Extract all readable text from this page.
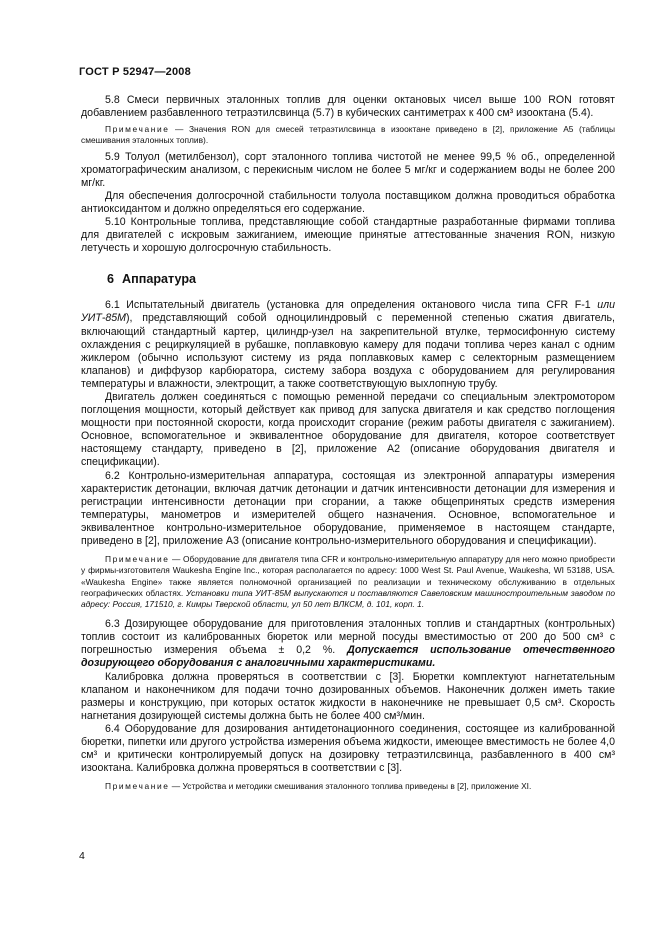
ГОСТ Р 52947—2008

5.8 Смеси первичных эталонных топлив для оценки октановых чисел выше 100 RON готовят добавлением разбавленного тетраэтилсвинца (5.7) в кубических сантиметрах к 400 см³ изооктана (5.4).

Примечание — Значения RON для смесей тетраэтилсвинца в изооктане приведено в [2], приложение А5 (таблицы смешивания эталонных топлив).

5.9 Толуол (метилбензол), сорт эталонного топлива чистотой не менее 99,5 % об., определенной хроматографическим анализом, с перекисным числом не более 5 мг/кг и содержанием воды не более 200 мг/кг.

Для обеспечения долгосрочной стабильности толуола поставщиком должна проводиться обработка антиоксидантом и должно определяться его содержание.

5.10 Контрольные топлива, представляющие собой стандартные разработанные фирмами топлива для двигателей с искровым зажиганием, имеющие принятые аттестованные значения RON, низкую летучесть и хорошую долгосрочную стабильность.

6 Аппаратура

6.1 Испытательный двигатель (установка для определения октанового числа типа CFR F-1 или УИТ-85М), представляющий собой одноцилиндровый с переменной степенью сжатия двигатель, включающий стандартный картер, цилиндр-узел на закрепительной втулке, термосифонную систему охлаждения с рециркуляцией в рубашке, поплавковую камеру для подачи топлива через канал с одним жиклером (обычно используют систему из ряда поплавковых камер с селекторным размещением клапанов) и диффузор карбюратора, систему забора воздуха с оборудованием для регулирования температуры и влажности, электрощит, а также соответствующую выхлопную трубу.

Двигатель должен соединяться с помощью ременной передачи со специальным электромотором поглощения мощности, который действует как привод для запуска двигателя и как средство поглощения мощности при постоянной скорости, когда происходит сгорание (режим работы двигателя с зажиганием). Основное, вспомогательное и эквивалентное оборудование для двигателя, которое соответствует настоящему стандарту, приведено в [2], приложение А2 (описание оборудования двигателя и спецификации).

6.2 Контрольно-измерительная аппаратура, состоящая из электронной аппаратуры измерения характеристик детонации, включая датчик детонации и датчик интенсивности детонации для измерения и регистрации интенсивности детонации при сгорании, а также общепринятых средств измерения температуры, манометров и измерителей общего назначения. Основное, вспомогательное и эквивалентное контрольно-измерительное оборудование, применяемое в настоящем стандарте, приведено в [2], приложение А3 (описание контрольно-измерительного оборудования и спецификации).

Примечание — Оборудование для двигателя типа CFR и контрольно-измерительную аппаратуру для него можно приобрести у фирмы-изготовителя Waukesha Engine Inc., которая располагается по адресу: 1000 West St. Paul Avenue, Waukesha, WI 53188, USA. «Waukesha Engine» также является полномочной организацией по реализации и техническому обслуживанию в отдельных географических областях. Установки типа УИТ-85М выпускаются и поставляются Савеловским машиностроительным заводом по адресу: Россия, 171510, г. Кимры Тверской области, ул 50 лет ВЛКСМ, д. 101, корп. 1.

6.3 Дозирующее оборудование для приготовления эталонных топлив и стандартных (контрольных) топлив состоит из калиброванных бюреток или мерной посуды вместимостью от 200 до 500 см³ с погрешностью измерения объема ± 0,2 %. Допускается использование отечественного дозирующего оборудования с аналогичными характеристиками.

Калибровка должна проверяться в соответствии с [3]. Бюретки комплектуют нагнетательным клапаном и наконечником для подачи точно дозированных объемов. Наконечник должен иметь такие размеры и конструкцию, при которых остаток жидкости в наконечнике не превышает 0,5 см³. Скорость нагнетания дозирующей системы должна быть не более 400 см³/мин.

6.4 Оборудование для дозирования антидетонационного соединения, состоящее из калиброванной бюретки, пипетки или другого устройства измерения объема жидкости, имеющее вместимость не более 4,0 см³ и критически контролируемый допуск на дозировку тетраэтилсвинца, разбавленного в 400 см³ изооктана. Калибровка должна проверяться в соответствии с [3].

Примечание — Устройства и методики смешивания эталонного топлива приведены в [2], приложение XI.

4
